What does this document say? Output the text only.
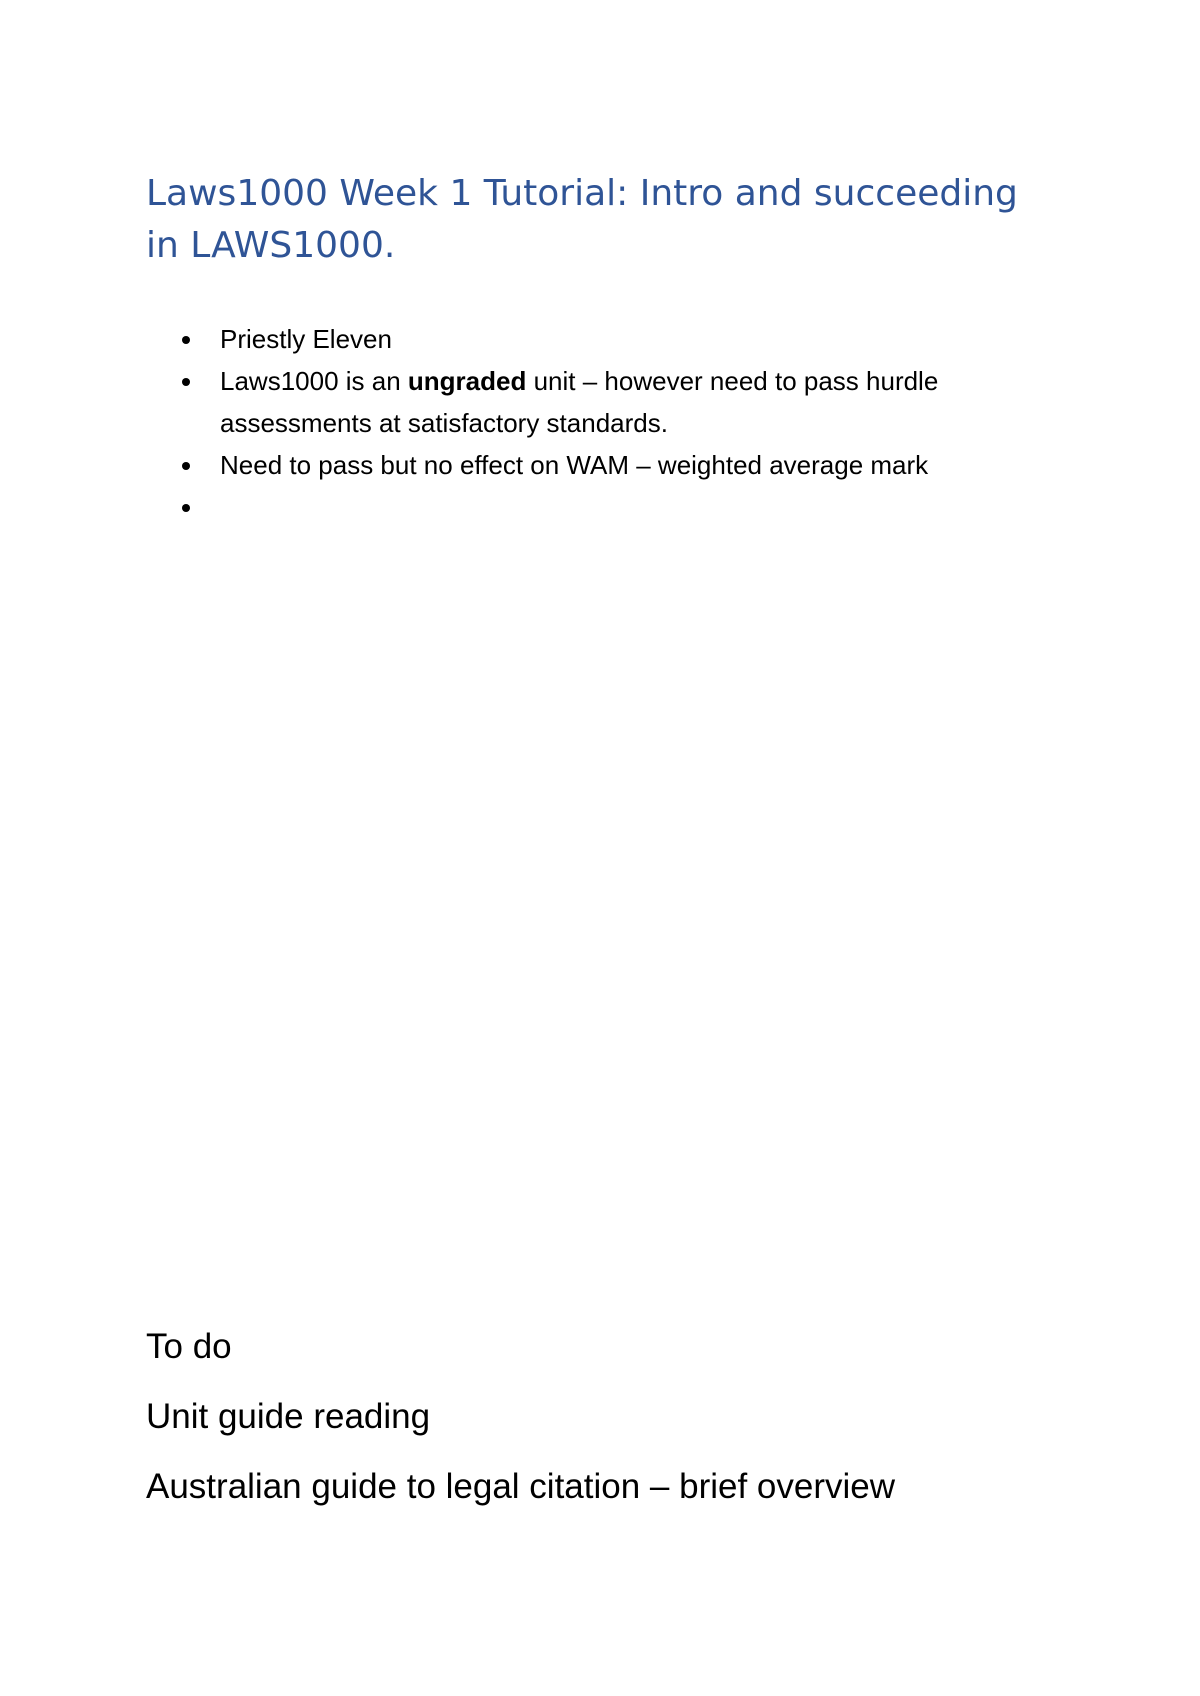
Laws1000 Week 1 Tutorial: Intro and succeeding in LAWS1000.
Priestly Eleven
Laws1000 is an ungraded unit – however need to pass hurdle assessments at satisfactory standards.
Need to pass but no effect on WAM – weighted average mark

To do

Unit guide reading

Australian guide to legal citation – brief overview
